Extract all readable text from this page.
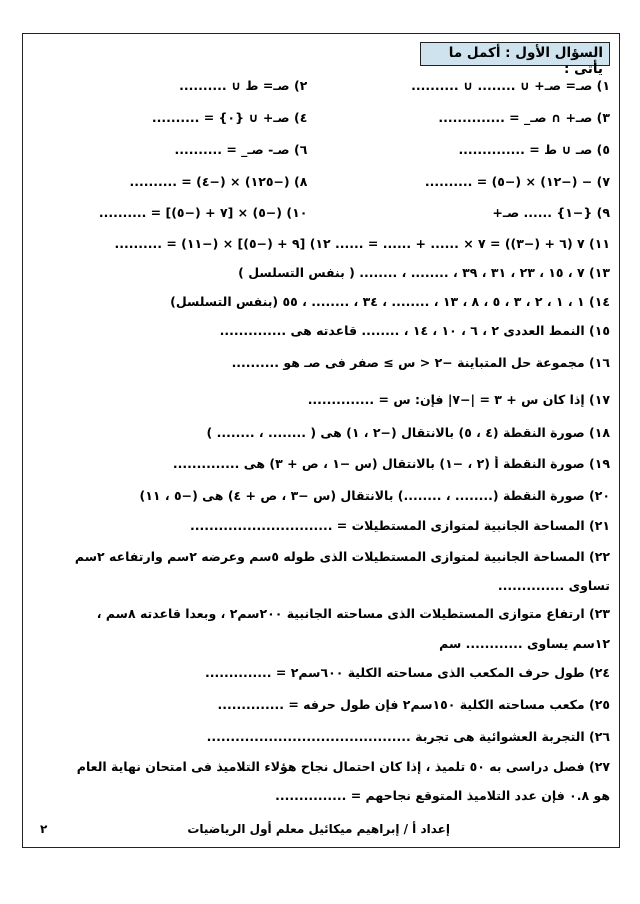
السؤال الأول : أكمل ما يأتى :
١) صـ= صـ+ ∪ ........ ∪ ..........
٢) صـ= ط ∪ ..........
٣) صـ+ ∩ صـ_ = ..............
٤) صـ+ ∪ {٠} = ..........
٥) صـ ∪ ط = ..............
٦) صـ- صـ_ = ..........
٧) − (−١٢) × (−٥) = ..........
٨) (−١٢٥) × (−٤) = ..........
٩) {−١} ...... صـ+
١٠) (−٥) × [٧ + (−٥)] = ..........
١١) ٧ (٦ + (−٣)) = ٧ × ...... + ...... = ...... ١٢) [٩ + (−٥)] × (−١١) = ..........
١٣) ٧ ، ١٥ ، ٢٣ ، ٣١ ، ٣٩ ، ........ ، ........ ( بنفس التسلسل )
١٤) ١ ، ١ ، ٢ ، ٣ ، ٥ ، ٨ ، ١٣ ، ........ ، ٣٤ ، ........ ، ٥٥ (بنفس التسلسل)
١٥) النمط العددى ٢ ، ٦ ، ١٠ ، ١٤ ، ........ قاعدته هى ..............
١٦) مجموعة حل المتباينة −٢ < س ≥ صفر فى صـ هو ..........
١٧) إذا كان س + ٣ = |−٧| فإن: س = ..............
١٨) صورة النقطة (٤ ، ٥) بالانتقال (−٢ ، ١) هى ( ........ ، ........ )
١٩) صورة النقطة أ (٢ ، −١) بالانتقال (س −١ ، ص + ٣) هى ..............
٢٠) صورة النقطة (........ ، ........) بالانتقال (س −٣ ، ص + ٤) هى (−٥ ، ١١)
٢١) المساحة الجانبية لمتوازى المستطيلات = ..............................
٢٢) المساحة الجانبية لمتوازى المستطيلات الذى طوله ٥سم وعرضه ٢سم وارتفاعه ٢سم
تساوى ..............
٢٣) ارتفاع متوازى المستطيلات الذى مساحته الجانبية ٢٠٠سم٢ ، وبعدا قاعدته ٨سم ،
١٢سم يساوى ............ سم
٢٤) طول حرف المكعب الذى مساحته الكلية ٦٠٠سم٢ = ..............
٢٥) مكعب مساحته الكلية ١٥٠سم٢ فإن طول حرفه = ..............
٢٦) التجربة العشوائية هى تجربة ...........................................
٢٧) فصل دراسى به ٥٠ تلميذ ، إذا كان احتمال نجاح هؤلاء التلاميذ فى امتحان نهاية العام
هو ٠.٨ فإن عدد التلاميذ المتوقع نجاحهم = ...............
إعداد أ / إبراهيم ميكائيل معلم أول الرياضيات
٢
